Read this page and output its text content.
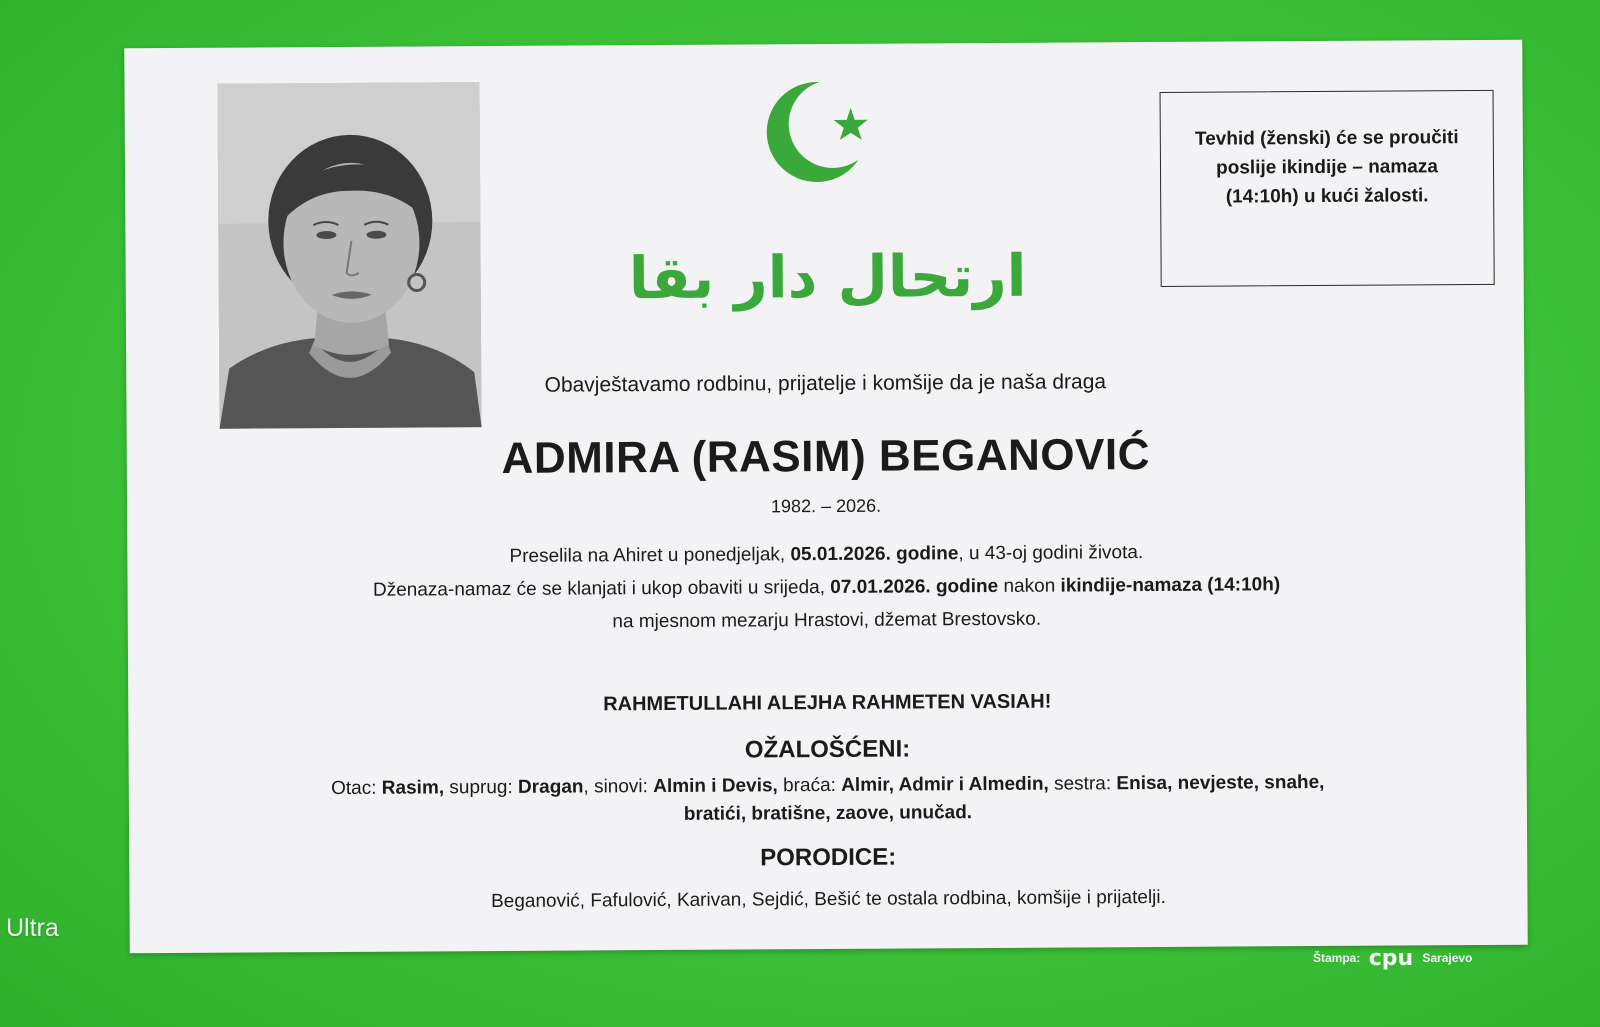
ارتحال دار بقا
Tevhid (ženski) će se proučiti
poslije ikindije – namaza
(14:10h) u kući žalosti.
Obavještavamo rodbinu, prijatelje i komšije da je naša draga
ADMIRA (RASIM) BEGANOVIĆ
1982. – 2026.
Preselila na Ahiret u ponedjeljak, 05.01.2026. godine, u 43-oj godini života.
Dženaza-namaz će se klanjati i ukop obaviti u srijeda, 07.01.2026. godine nakon ikindije-namaza (14:10h)
na mjesnom mezarju Hrastovi, džemat Brestovsko.
RAHMETULLAHI ALEJHA RAHMETEN VASIAH!
OŽALOŠĆENI:
Otac: Rasim, suprug: Dragan, sinovi: Almin i Devis, braća: Almir, Admir i Almedin, sestra: Enisa, nevjeste, snahe,
bratići, bratišne, zaove, unučad.
PORODICE:
Beganović, Fafulović, Karivan, Sejdić, Bešić te ostala rodbina, komšije i prijatelji.
Ultra
Štampa: cpu Sarajevo
